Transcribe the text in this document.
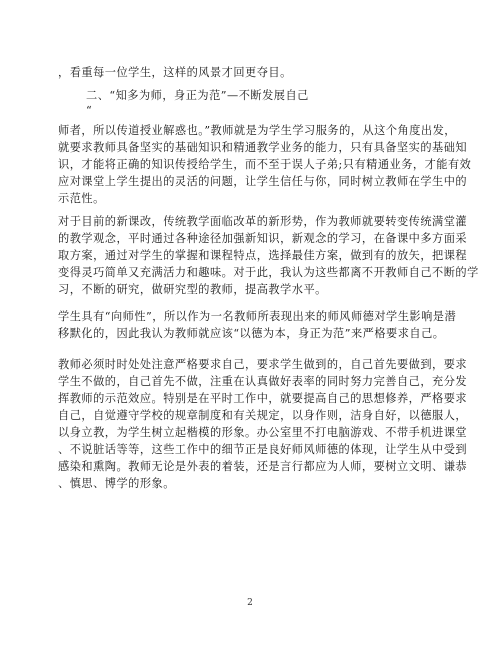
，看重每一位学生，这样的风景才回更夺目。
二、“知多为师，身正为范”—不断发展自己
“
师者，所以传道授业解惑也。”教师就是为学生学习服务的，从这个角度出发，
就要求教师具备坚实的基础知识和精通教学业务的能力，只有具备坚实的基础知
识，才能将正确的知识传授给学生，而不至于误人子弟;只有精通业务，才能有效
应对课堂上学生提出的灵活的问题，让学生信任与你，同时树立教师在学生中的
示范性。
对于目前的新课改，传统教学面临改革的新形势，作为教师就要转变传统满堂灌
的教学观念，平时通过各种途径加强新知识，新观念的学习，在备课中多方面采
取方案，通过对学生的掌握和课程特点，选择最佳方案，做到有的放矢，把课程
变得灵巧简单又充满活力和趣味。对于此，我认为这些都离不开教师自己不断的学
习，不断的研究，做研究型的教师，提高教学水平。
学生具有“向师性”，所以作为一名教师所表现出来的师风师德对学生影响是潜
移默化的，因此我认为教师就应该“以德为本，身正为范”来严格要求自己。
教师必须时时处处注意严格要求自己，要求学生做到的，自己首先要做到，要求
学生不做的，自己首先不做，注重在认真做好表率的同时努力完善自己，充分发
挥教师的示范效应。特别是在平时工作中，就要提高自己的思想修养，严格要求
自己，自觉遵守学校的规章制度和有关规定，以身作则，洁身自好，以德服人，
以身立教，为学生树立起楷模的形象。办公室里不打电脑游戏、不带手机进课堂
、不说脏话等等，这些工作中的细节正是良好师风师德的体现，让学生从中受到
感染和熏陶。教师无论是外表的着装，还是言行都应为人师，要树立文明、谦恭
、慎思、博学的形象。
2
